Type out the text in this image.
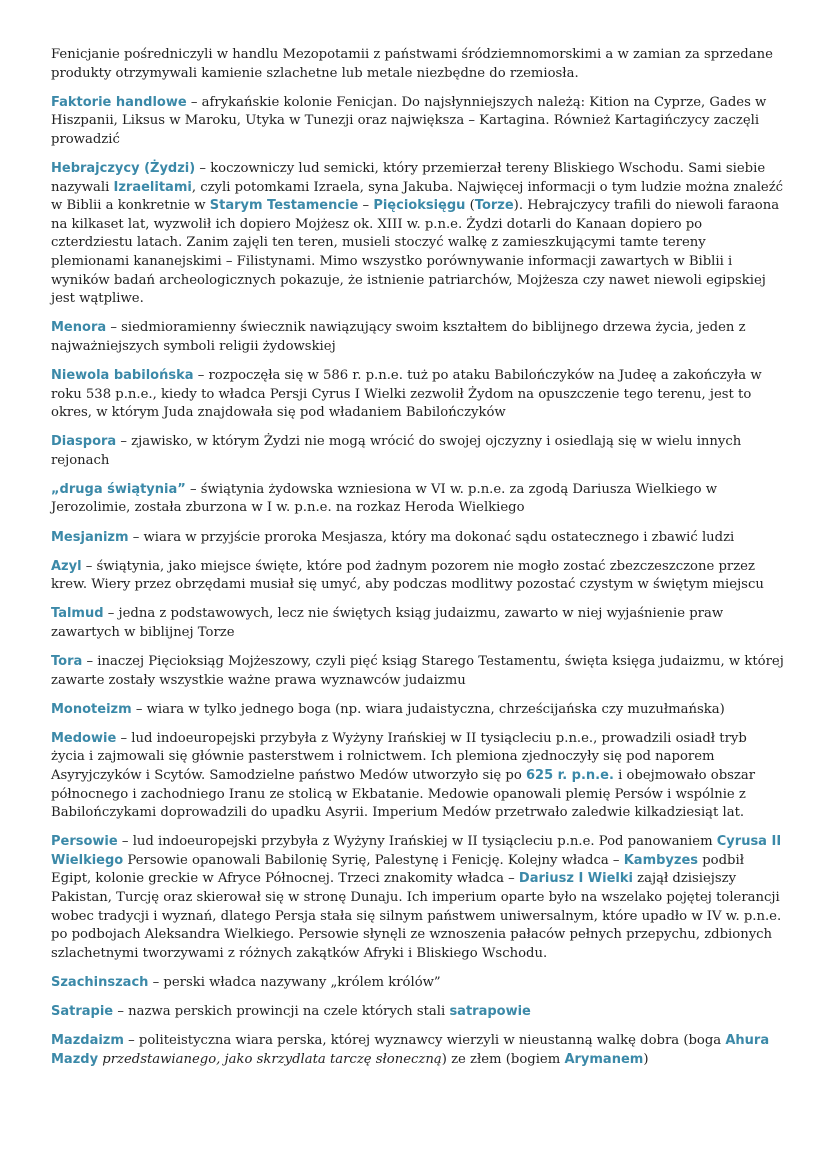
Fenicjanie pośredniczyli w handlu Mezopotamii z państwami śródziemnomorskimi a w zamian za sprzedane produkty otrzymywali kamienie szlachetne lub metale niezbędne do rzemiosła.

Faktorie handlowe – afrykańskie kolonie Fenicjan. Do najsłynniejszych należą: Kition na Cyprze, Gades w Hiszpanii, Liksus w Maroku, Utyka w Tunezji oraz największa – Kartagina. Również Kartagińczycy zaczęli prowadzić

Hebrajczycy (Żydzi) – koczowniczy lud semicki, który przemierzał tereny Bliskiego Wschodu. Sami siebie nazywali Izraelitami, czyli potomkami Izraela, syna Jakuba. Najwięcej informacji o tym ludzie można znaleźć w Biblii a konkretnie w Starym Testamencie – Pięcioksięgu (Torze). Hebrajczycy trafili do niewoli faraona na kilkaset lat, wyzwolił ich dopiero Mojżesz ok. XIII w. p.n.e. Żydzi dotarli do Kanaan dopiero po czterdziestu latach. Zanim zajęli ten teren, musieli stoczyć walkę z zamieszkującymi tamte tereny plemionami kananejskimi – Filistynami. Mimo wszystko porównywanie informacji zawartych w Biblii i wyników badań archeologicznych pokazuje, że istnienie patriarchów, Mojżesza czy nawet niewoli egipskiej jest wątpliwe.

Menora – siedmioramienny świecznik nawiązujący swoim kształtem do biblijnego drzewa życia, jeden z najważniejszych symboli religii żydowskiej

Niewola babilońska – rozpoczęła się w 586 r. p.n.e. tuż po ataku Babilończyków na Judeę a zakończyła w roku 538 p.n.e., kiedy to władca Persji Cyrus I Wielki zezwolił Żydom na opuszczenie tego terenu, jest to okres, w którym Juda znajdowała się pod władaniem Babilończyków

Diaspora – zjawisko, w którym Żydzi nie mogą wrócić do swojej ojczyzny i osiedlają się w wielu innych rejonach

„druga świątynia” – świątynia żydowska wzniesiona w VI w. p.n.e. za zgodą Dariusza Wielkiego w Jerozolimie, została zburzona w I w. p.n.e. na rozkaz Heroda Wielkiego

Mesjanizm – wiara w przyjście proroka Mesjasza, który ma dokonać sądu ostatecznego i zbawić ludzi

Azyl – świątynia, jako miejsce święte, które pod żadnym pozorem nie mogło zostać zbezczeszczone przez krew. Wiery przez obrzędami musiał się umyć, aby podczas modlitwy pozostać czystym w świętym miejscu

Talmud – jedna z podstawowych, lecz nie świętych ksiąg judaizmu, zawarto w niej wyjaśnienie praw zawartych w biblijnej Torze

Tora – inaczej Pięcioksiąg Mojżeszowy, czyli pięć ksiąg Starego Testamentu, święta księga judaizmu, w której zawarte zostały wszystkie ważne prawa wyznawców judaizmu

Monoteizm – wiara w tylko jednego boga (np. wiara judaistyczna, chrześcijańska czy muzułmańska)

Medowie – lud indoeuropejski przybyła z Wyżyny Irańskiej w II tysiącleciu p.n.e., prowadzili osiadł tryb życia i zajmowali się głównie pasterstwem i rolnictwem. Ich plemiona zjednoczyły się pod naporem Asyryjczyków i Scytów. Samodzielne państwo Medów utworzyło się po 625 r. p.n.e. i obejmowało obszar północnego i zachodniego Iranu ze stolicą w Ekbatanie. Medowie opanowali plemię Persów i wspólnie z Babilończykami doprowadzili do upadku Asyrii. Imperium Medów przetrwało zaledwie kilkadziesiąt lat.

Persowie – lud indoeuropejski przybyła z Wyżyny Irańskiej w II tysiącleciu p.n.e. Pod panowaniem Cyrusa II Wielkiego Persowie opanowali Babilonię Syrię, Palestynę i Fenicję. Kolejny władca – Kambyzes podbił Egipt, kolonie greckie w Afryce Północnej. Trzeci znakomity władca – Dariusz I Wielki zajął dzisiejszy Pakistan, Turcję oraz skierował się w stronę Dunaju. Ich imperium oparte było na wszelako pojętej tolerancji wobec tradycji i wyznań, dlatego Persja stała się silnym państwem uniwersalnym, które upadło w IV w. p.n.e. po podbojach Aleksandra Wielkiego. Persowie słynęli ze wznoszenia pałaców pełnych przepychu, zdbionych szlachetnymi tworzywami z różnych zakątków Afryki i Bliskiego Wschodu.

Szachinszach – perski władca nazywany „królem królów”

Satrapie – nazwa perskich prowincji na czele których stali satrapowie

Mazdaizm – politeistyczna wiara perska, której wyznawcy wierzyli w nieustanną walkę dobra (boga Ahura Mazdy przedstawianego, jako skrzydlata tarczę słoneczną) ze złem (bogiem Arymanem)
